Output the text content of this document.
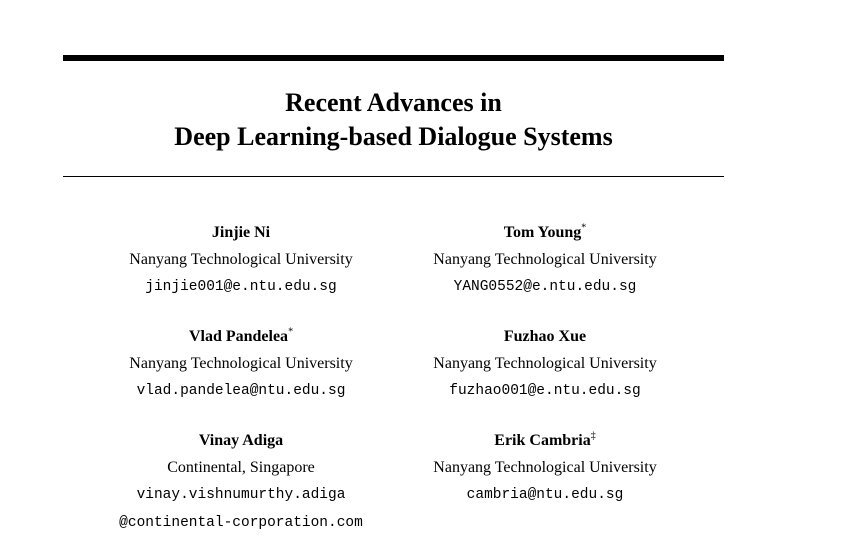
Recent Advances in
Deep Learning-based Dialogue Systems
Jinjie Ni
Nanyang Technological University
jinjie001@e.ntu.edu.sg
Tom Young*
Nanyang Technological University
YANG0552@e.ntu.edu.sg
Vlad Pandelea*
Nanyang Technological University
vlad.pandelea@ntu.edu.sg
Fuzhao Xue
Nanyang Technological University
fuzhao001@e.ntu.edu.sg
Vinay Adiga
Continental, Singapore
vinay.vishnumurthy.adiga
@continental-corporation.com
Erik Cambria‡
Nanyang Technological University
cambria@ntu.edu.sg
